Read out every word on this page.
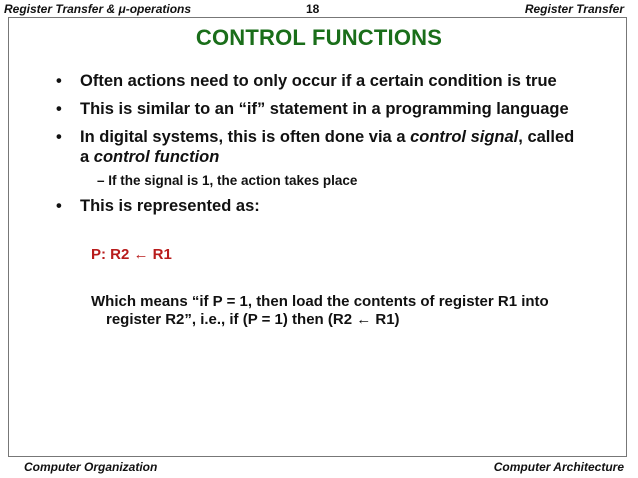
Register Transfer & μ-operations	18	Register Transfer
CONTROL FUNCTIONS
• Often actions need to only occur if a certain condition is true
• This is similar to an “if” statement in a programming language
• In digital systems, this is often done via a control signal, called
a control function
– If the signal is 1, the action takes place
• This is represented as:
P: R2 ← R1
Which means “if P = 1, then load the contents of register R1 into
register R2”, i.e., if (P = 1) then (R2 ← R1)
Computer Organization	Computer Architecture
